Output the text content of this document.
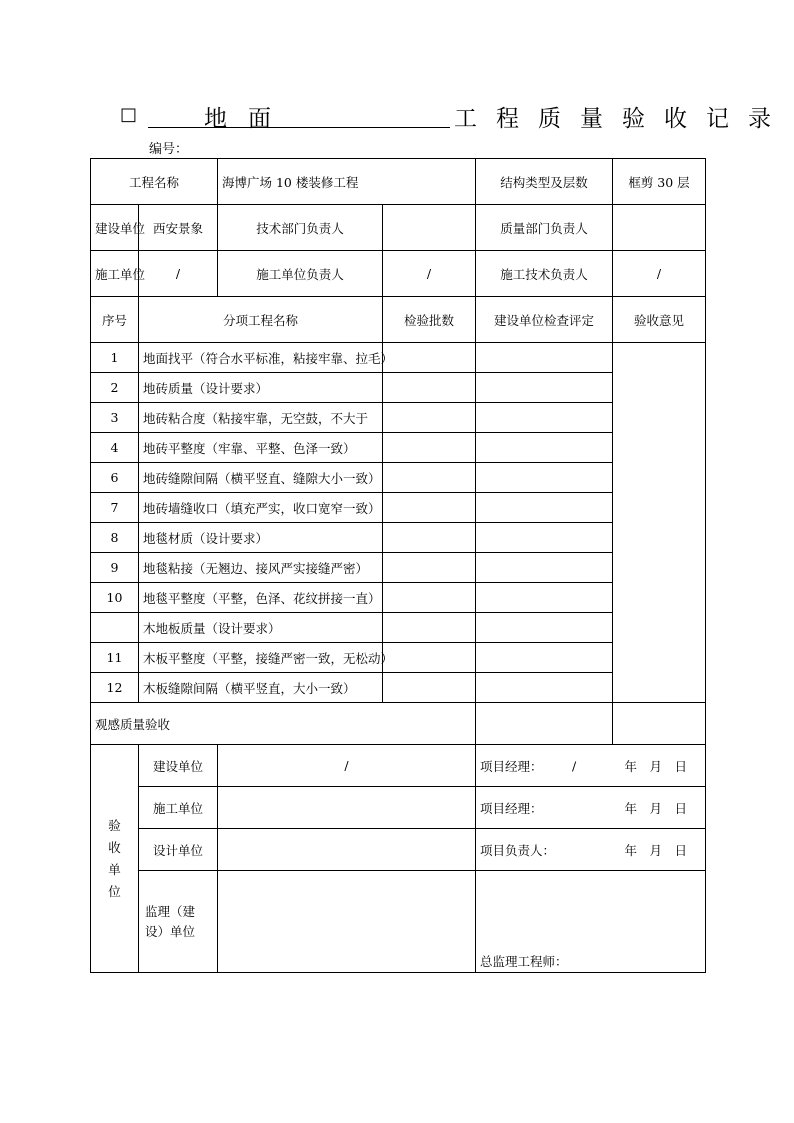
□	地 面	工 程 质 量 验 收 记 录
编号：
工程名称		海博广场 10 楼装修工程		结构类型及层数	框剪 30 层
建设单位	西安景象	技术部门负责人		质量部门负责人	
施工单位	/	施工单位负责人	/	施工技术负责人	/
序号	分项工程名称		检验批数	建设单位检查评定	验收意见
1	地面找平（符合水平标准，粘接牢靠、拉毛）				
2	地砖质量（设计要求）				
3	地砖粘合度（粘接牢靠，无空鼓，不大于				
4	地砖平整度（牢靠、平整、色泽一致）				
6	地砖缝隙间隔（横平竖直、缝隙大小一致）				
7	地砖墙缝收口（填充严实，收口宽窄一致）				
8	地毯材质（设计要求）				
9	地毯粘接（无翘边、接风严实接缝严密）				
10	地毯平整度（平整，色泽、花纹拼接一直）				
	木地板质量（设计要求）				
11	木板平整度（平整，接缝严密一致，无松动）				
12	木板缝隙间隔（横平竖直，大小一致）				
观感质量验收					
验收单位	建设单位	/		项目经理： / 年　月　日	

	施工单位			项目经理： 年　月　日	

	设计单位			项目负责人： 年　月　日	

	监理（建设）单位			总监理工程师：	
